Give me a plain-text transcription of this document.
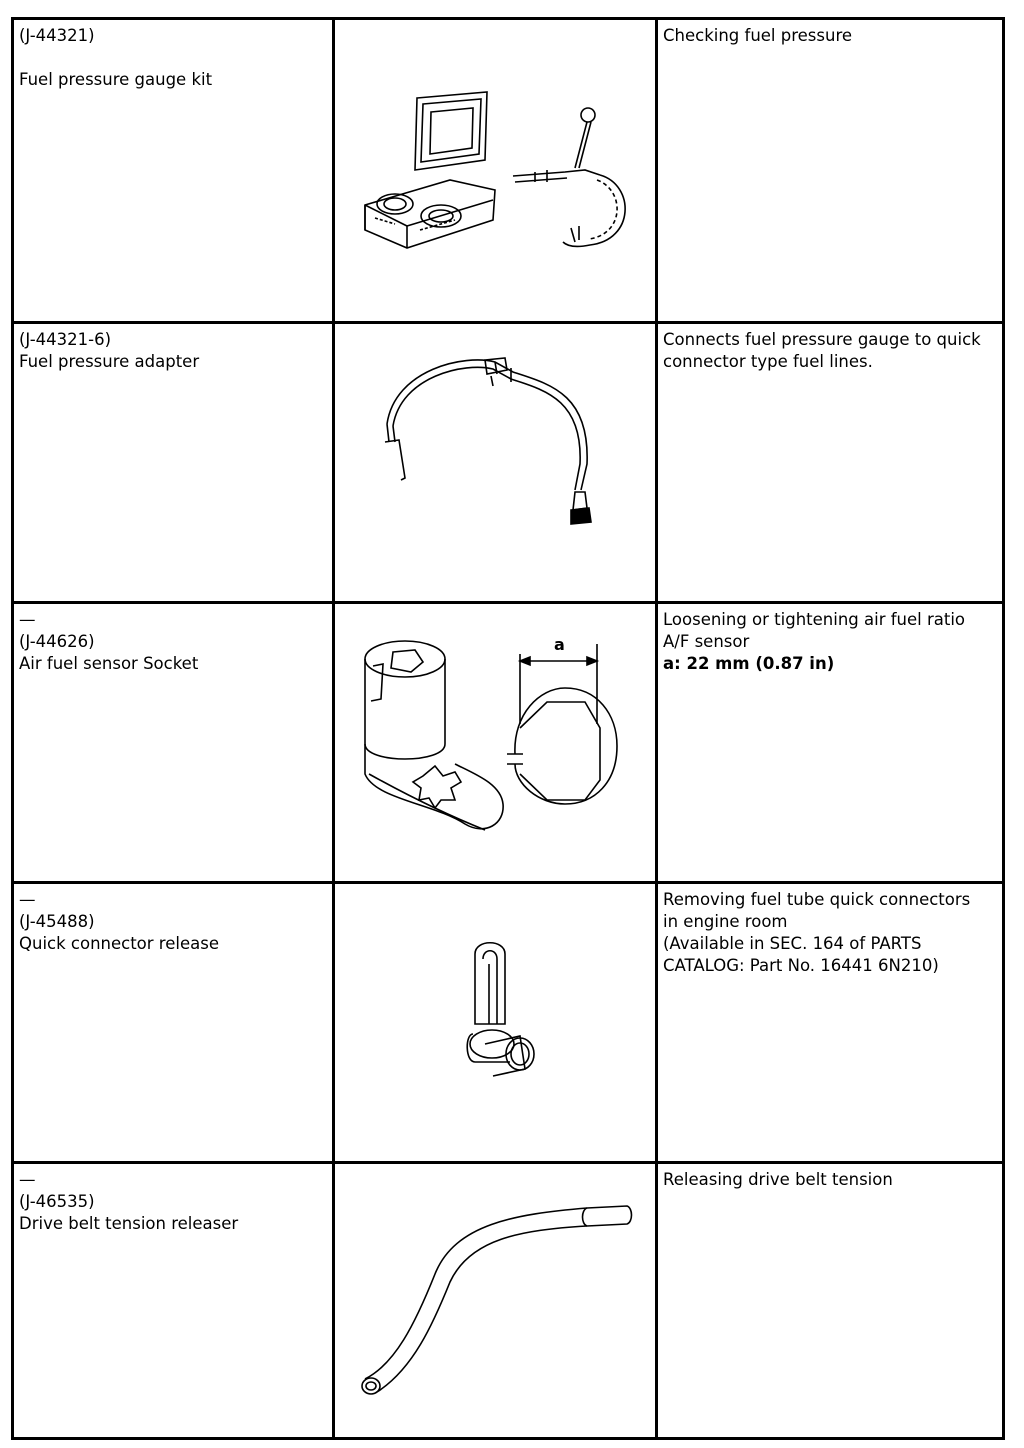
(J-44321)

Fuel pressure gauge kit		Checking fuel pressure

(J-44321-6)
Fuel pressure adapter		Connects fuel pressure gauge to quick
connector type fuel lines.

—
(J-44626)
Air fuel sensor Socket	a	Loosening or tightening air fuel ratio
A/F sensor
a: 22 mm (0.87 in)

—
(J-45488)
Quick connector release		Removing fuel tube quick connectors
in engine room
(Available in SEC. 164 of PARTS
CATALOG: Part No. 16441 6N210)

—
(J-46535)
Drive belt tension releaser		Releasing drive belt tension
